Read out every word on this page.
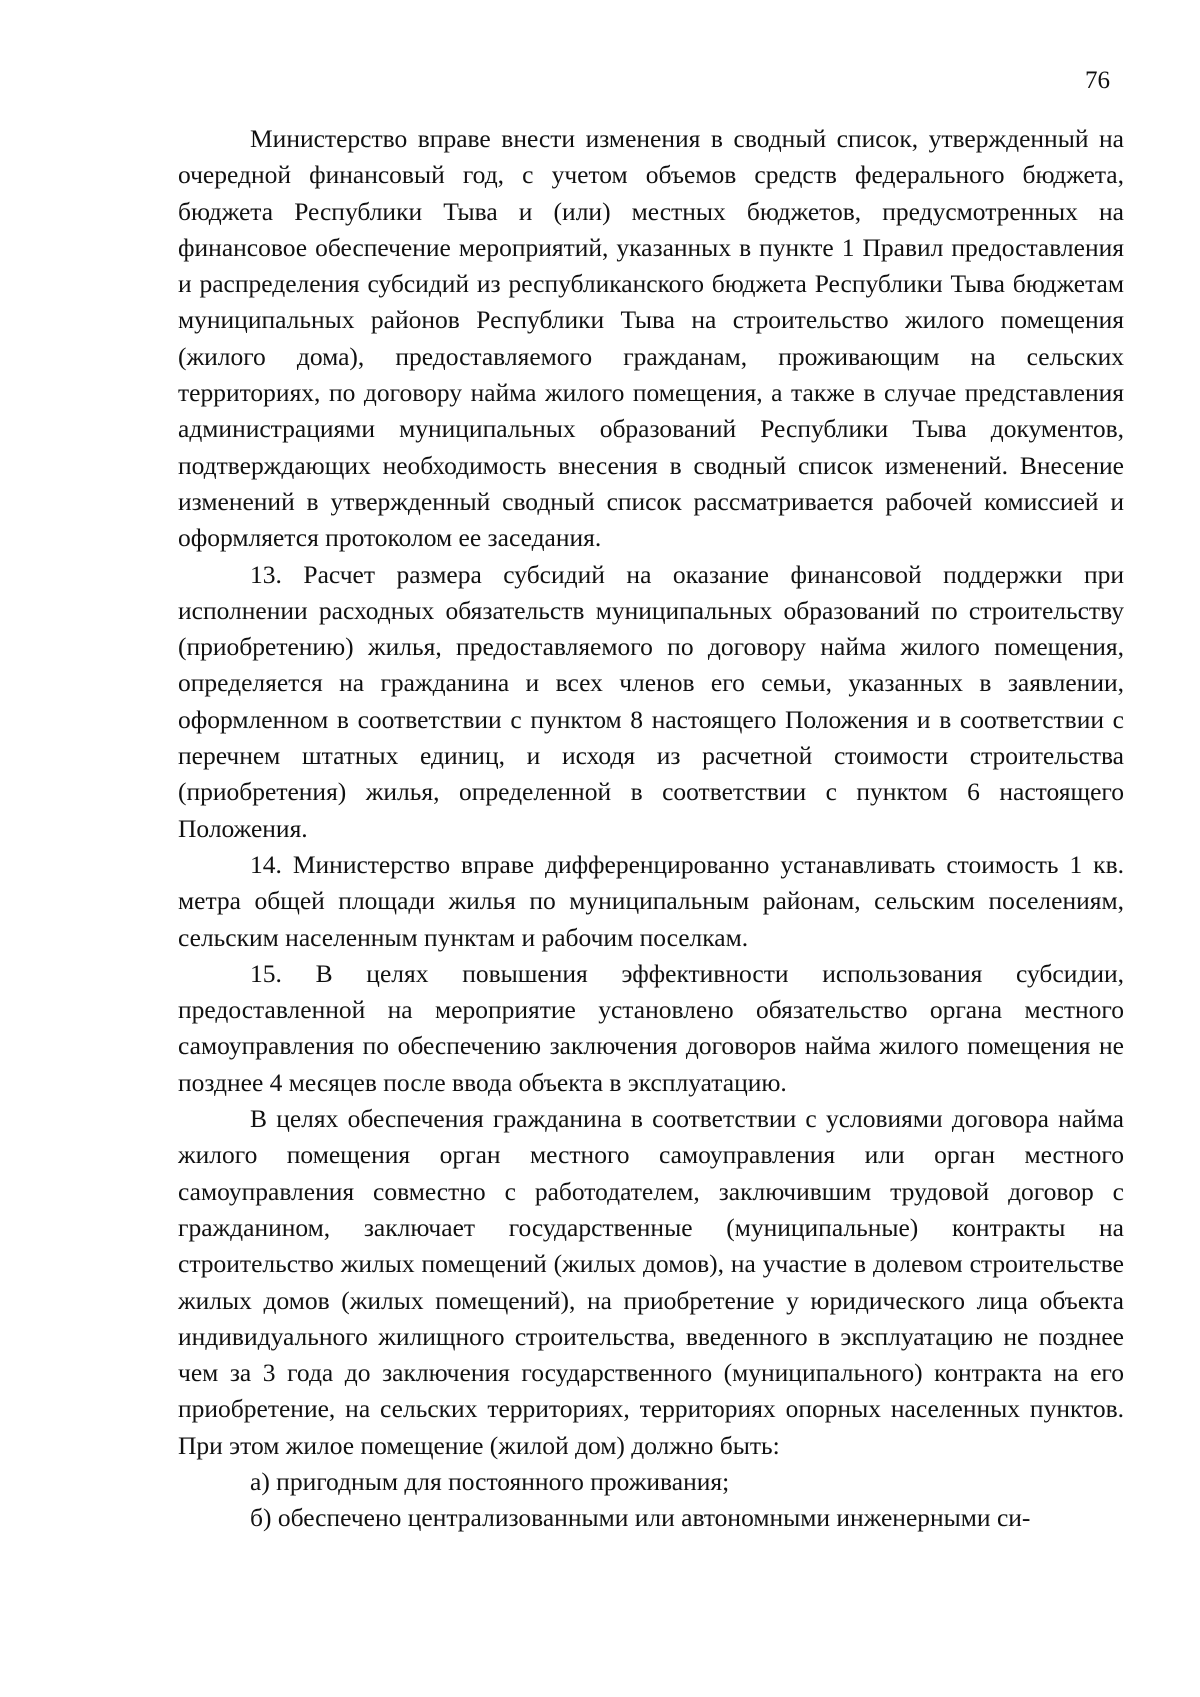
76

Министерство вправе внести изменения в сводный список, утвержденный на очередной финансовый год, с учетом объемов средств федерального бюджета, бюджета Республики Тыва и (или) местных бюджетов, предусмотренных на финансовое обеспечение мероприятий, указанных в пункте 1 Правил предоставления и распределения субсидий из республиканского бюджета Республики Тыва бюджетам муниципальных районов Республики Тыва на строительство жилого помещения (жилого дома), предоставляемого гражданам, проживающим на сельских территориях, по договору найма жилого помещения, а также в случае представления администрациями муниципальных образований Республики Тыва документов, подтверждающих необходимость внесения в сводный список изменений. Внесение изменений в утвержденный сводный список рассматривается рабочей комиссией и оформляется протоколом ее заседания.

13. Расчет размера субсидий на оказание финансовой поддержки при исполнении расходных обязательств муниципальных образований по строительству (приобретению) жилья, предоставляемого по договору найма жилого помещения, определяется на гражданина и всех членов его семьи, указанных в заявлении, оформленном в соответствии с пунктом 8 настоящего Положения и в соответствии с перечнем штатных единиц, и исходя из расчетной стоимости строительства (приобретения) жилья, определенной в соответствии с пунктом 6 настоящего Положения.

14. Министерство вправе дифференцированно устанавливать стоимость 1 кв. метра общей площади жилья по муниципальным районам, сельским поселениям, сельским населенным пунктам и рабочим поселкам.

15. В целях повышения эффективности использования субсидии, предоставленной на мероприятие установлено обязательство органа местного самоуправления по обеспечению заключения договоров найма жилого помещения не позднее 4 месяцев после ввода объекта в эксплуатацию.

В целях обеспечения гражданина в соответствии с условиями договора найма жилого помещения орган местного самоуправления или орган местного самоуправления совместно с работодателем, заключившим трудовой договор с гражданином, заключает государственные (муниципальные) контракты на строительство жилых помещений (жилых домов), на участие в долевом строительстве жилых домов (жилых помещений), на приобретение у юридического лица объекта индивидуального жилищного строительства, введенного в эксплуатацию не позднее чем за 3 года до заключения государственного (муниципального) контракта на его приобретение, на сельских территориях, территориях опорных населенных пунктов. При этом жилое помещение (жилой дом) должно быть:

а) пригодным для постоянного проживания;

б) обеспечено централизованными или автономными инженерными си-
